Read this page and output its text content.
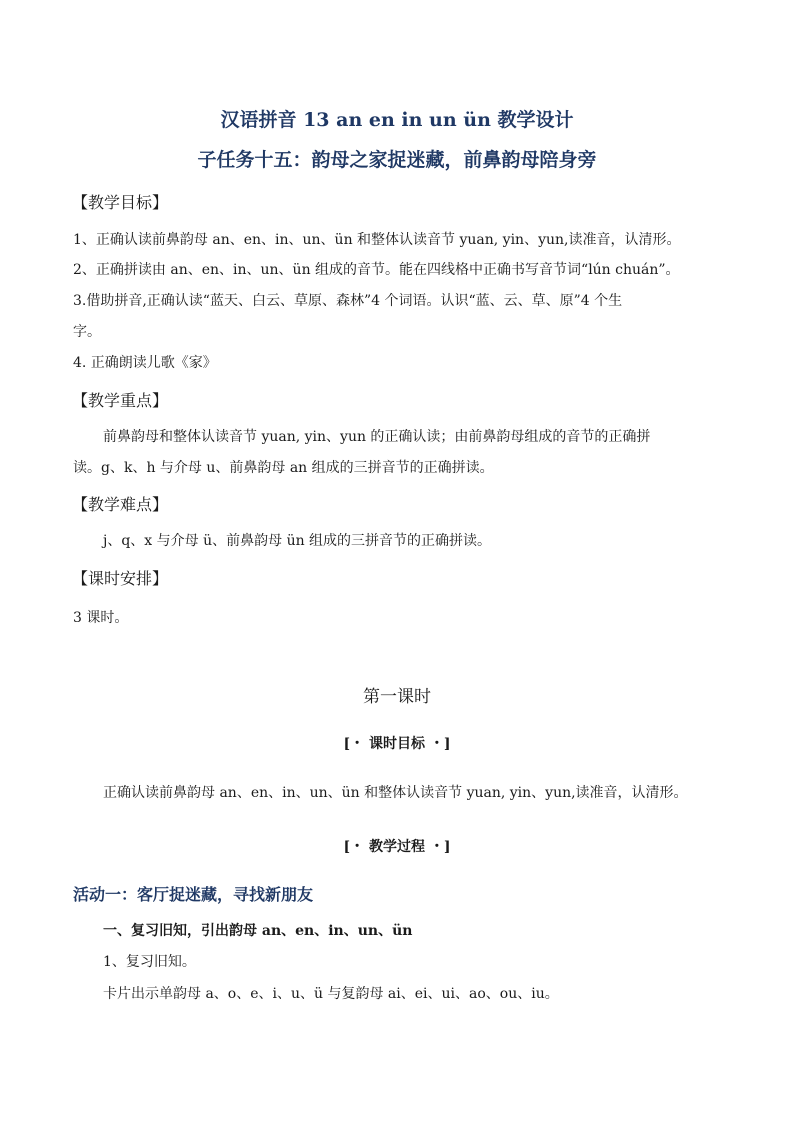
汉语拼音 13 an en in un ün 教学设计
子任务十五：韵母之家捉迷藏，前鼻韵母陪身旁
【教学目标】
1、正确认读前鼻韵母 an、en、in、un、ün 和整体认读音节 yuan, yin、yun,读准音，认清形。
2、正确拼读由 an、en、in、un、ün 组成的音节。能在四线格中正确书写音节词“lún chuán”。
3.借助拼音,正确认读“蓝天、白云、草原、森林”4 个词语。认识“蓝、云、草、原”4 个生
字。
4. 正确朗读儿歌《家》
【教学重点】
前鼻韵母和整体认读音节 yuan, yin、yun 的正确认读；由前鼻韵母组成的音节的正确拼
读。g、k、h 与介母 u、前鼻韵母 an 组成的三拼音节的正确拼读。
【教学难点】
j、q、x 与介母 ü、前鼻韵母 ün 组成的三拼音节的正确拼读。
【课时安排】
3 课时。
第一课时
[・ 课时目标 ・]
正确认读前鼻韵母 an、en、in、un、ün 和整体认读音节 yuan, yin、yun,读准音，认清形。
[・ 教学过程 ・]
活动一：客厅捉迷藏，寻找新朋友
一、复习旧知，引出韵母 an、en、in、un、ün
1、复习旧知。
卡片出示单韵母 a、o、e、i、u、ü 与复韵母 ai、ei、ui、ao、ou、iu。
